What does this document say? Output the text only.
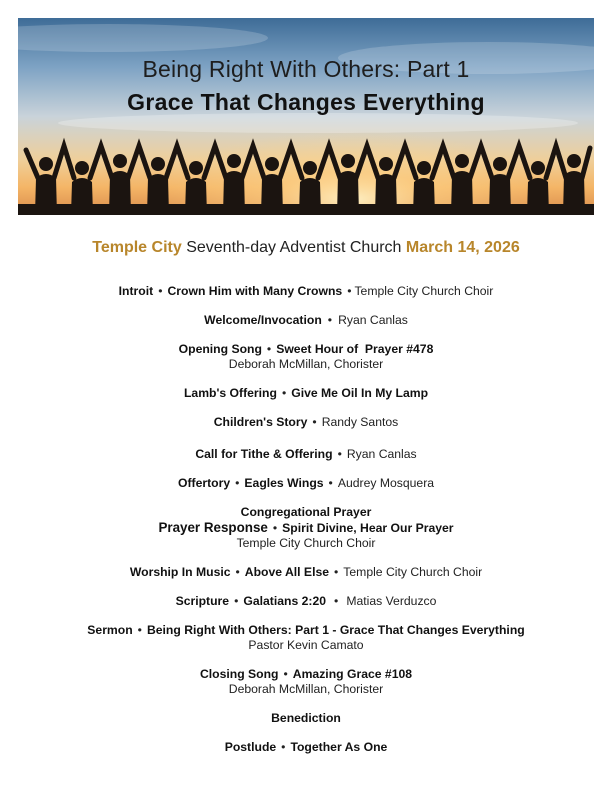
Being Right With Others: Part 1
Grace That Changes Everything
Temple City Seventh-day Adventist Church March 14, 2026
Introit • Crown Him with Many Crowns • Temple City Church Choir
Welcome/Invocation • Ryan Canlas
Opening Song • Sweet Hour of  Prayer #478
Deborah McMillan, Chorister
Lamb's Offering • Give Me Oil In My Lamp
Children's Story • Randy Santos
Call for Tithe & Offering • Ryan Canlas
Offertory • Eagles Wings • Audrey Mosquera
Congregational Prayer
Prayer Response • Spirit Divine, Hear Our Prayer
Temple City Church Choir
Worship In Music • Above All Else • Temple City Church Choir
Scripture • Galatians 2:20 • Matias Verduzco
Sermon • Being Right With Others: Part 1 - Grace That Changes Everything
Pastor Kevin Camato
Closing Song • Amazing Grace #108
Deborah McMillan, Chorister
Benediction
Postlude • Together As One
